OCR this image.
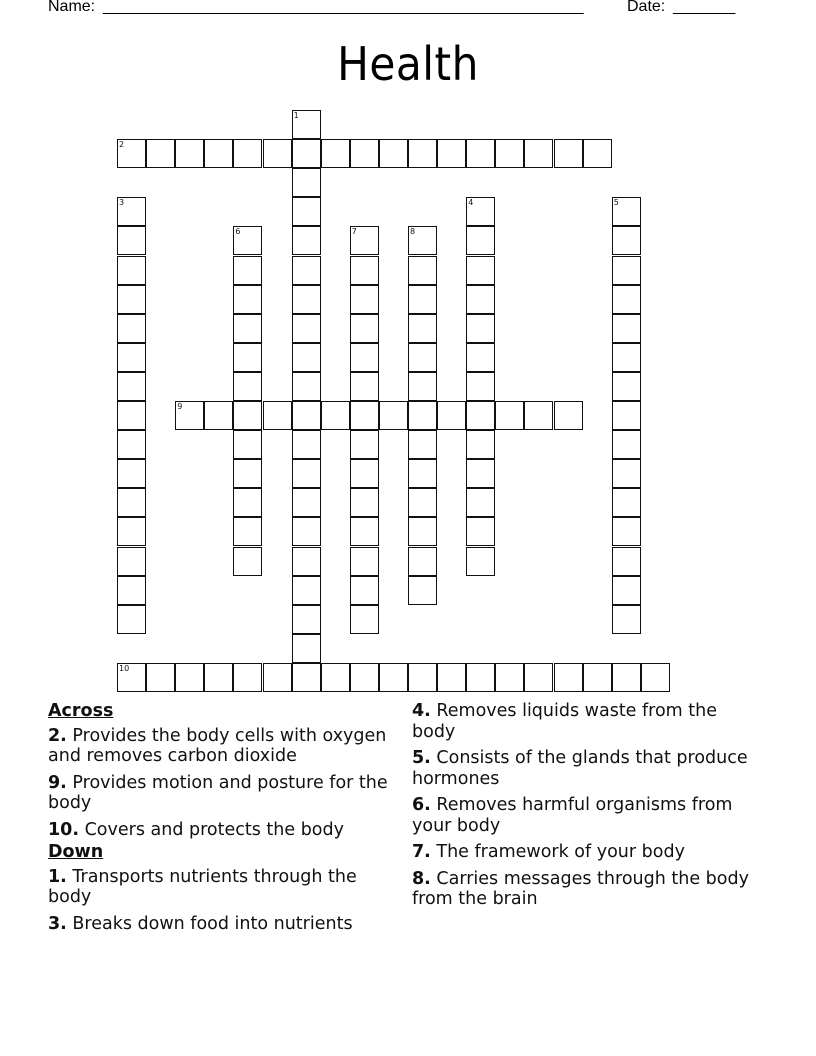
Name: ______________________________________________________	Date: _______
Health
1
2
3	4	5
6	7	8
9
10
Across
2. Provides the body cells with oxygen and removes carbon dioxide
9. Provides motion and posture for the body
10. Covers and protects the body
Down
1. Transports nutrients through the body
3. Breaks down food into nutrients
4. Removes liquids waste from the body
5. Consists of the glands that produce hormones
6. Removes harmful organisms from your body
7. The framework of your body
8. Carries messages through the body from the brain
